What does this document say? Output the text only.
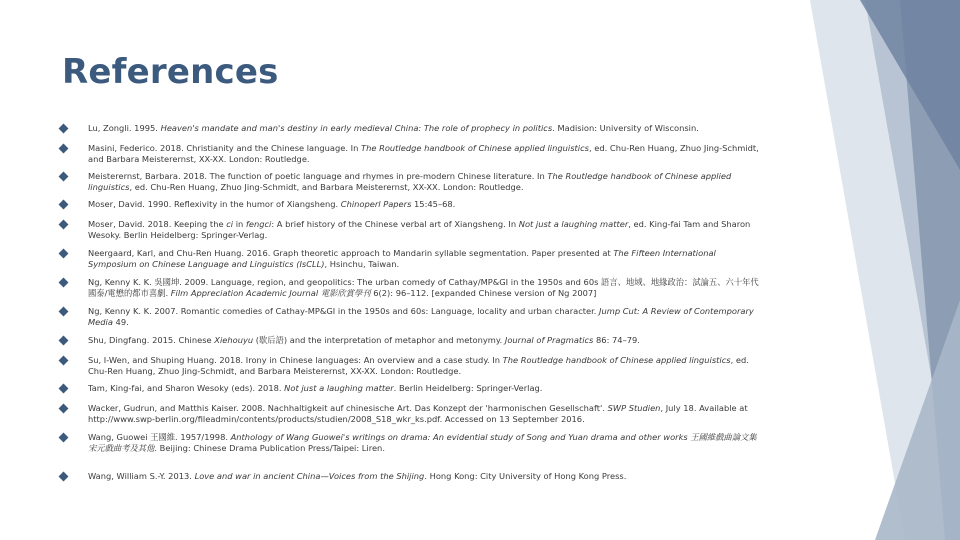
References
Lu, Zongli. 1995. Heaven's mandate and man's destiny in early medieval China: The role of prophecy in politics. Madision: University of Wisconsin.
Masini, Federico. 2018. Christianity and the Chinese language. In The Routledge handbook of Chinese applied linguistics, ed. Chu-Ren Huang, Zhuo Jing-Schmidt, and Barbara Meisterernst, XX-XX. London: Routledge.
Meisterernst, Barbara. 2018. The function of poetic language and rhymes in pre-modern Chinese literature. In The Routledge handbook of Chinese applied linguistics, ed. Chu-Ren Huang, Zhuo Jing-Schmidt, and Barbara Meisterernst, XX-XX. London: Routledge.
Moser, David. 1990. Reflexivity in the humor of Xiangsheng. Chinoperl Papers 15:45–68.
Moser, David. 2018. Keeping the ci in fengci: A brief history of the Chinese verbal art of Xiangsheng. In Not just a laughing matter, ed. King-fai Tam and Sharon Wesoky. Berlin Heidelberg: Springer-Verlag.
Neergaard, Karl, and Chu-Ren Huang. 2016. Graph theoretic approach to Mandarin syllable segmentation. Paper presented at The Fifteen International Symposium on Chinese Language and Linguistics (IsCLL), Hsinchu, Taiwan.
Ng, Kenny K. K. 吳國坤. 2009. Language, region, and geopolitics: The urban comedy of Cathay/MP&GI in the 1950s and 60s 語言、地域、地緣政治：試論五、六十年代國泰/電懋的都市喜劇. Film Appreciation Academic Journal 電影欣賞學刊 6(2): 96–112. [expanded Chinese version of Ng 2007]
Ng, Kenny K. K. 2007. Romantic comedies of Cathay-MP&GI in the 1950s and 60s: Language, locality and urban character. Jump Cut: A Review of Contemporary Media 49.
Shu, Dingfang. 2015. Chinese Xiehouyu (歇后語) and the interpretation of metaphor and metonymy. Journal of Pragmatics 86: 74–79.
Su, I-Wen, and Shuping Huang. 2018. Irony in Chinese languages: An overview and a case study. In The Routledge handbook of Chinese applied linguistics, ed. Chu-Ren Huang, Zhuo Jing-Schmidt, and Barbara Meisterernst, XX-XX. London: Routledge.
Tam, King-fai, and Sharon Wesoky (eds). 2018. Not just a laughing matter. Berlin Heidelberg: Springer-Verlag.
Wacker, Gudrun, and Matthis Kaiser. 2008. Nachhaltigkeit auf chinesische Art. Das Konzept der 'harmonischen Gesellschaft'. SWP Studien, July 18. Available at http://www.swp-berlin.org/fileadmin/contents/products/studien/2008_S18_wkr_ks.pdf. Accessed on 13 September 2016.
Wang, Guowei 王國維. 1957/1998. Anthology of Wang Guowei's writings on drama: An evidential study of Song and Yuan drama and other works 王國維戲曲論文集宋元戲曲考及其他. Beijing: Chinese Drama Publication Press/Taipei: Liren.
Wang, William S.-Y. 2013. Love and war in ancient China—Voices from the Shijing. Hong Kong: City University of Hong Kong Press.
